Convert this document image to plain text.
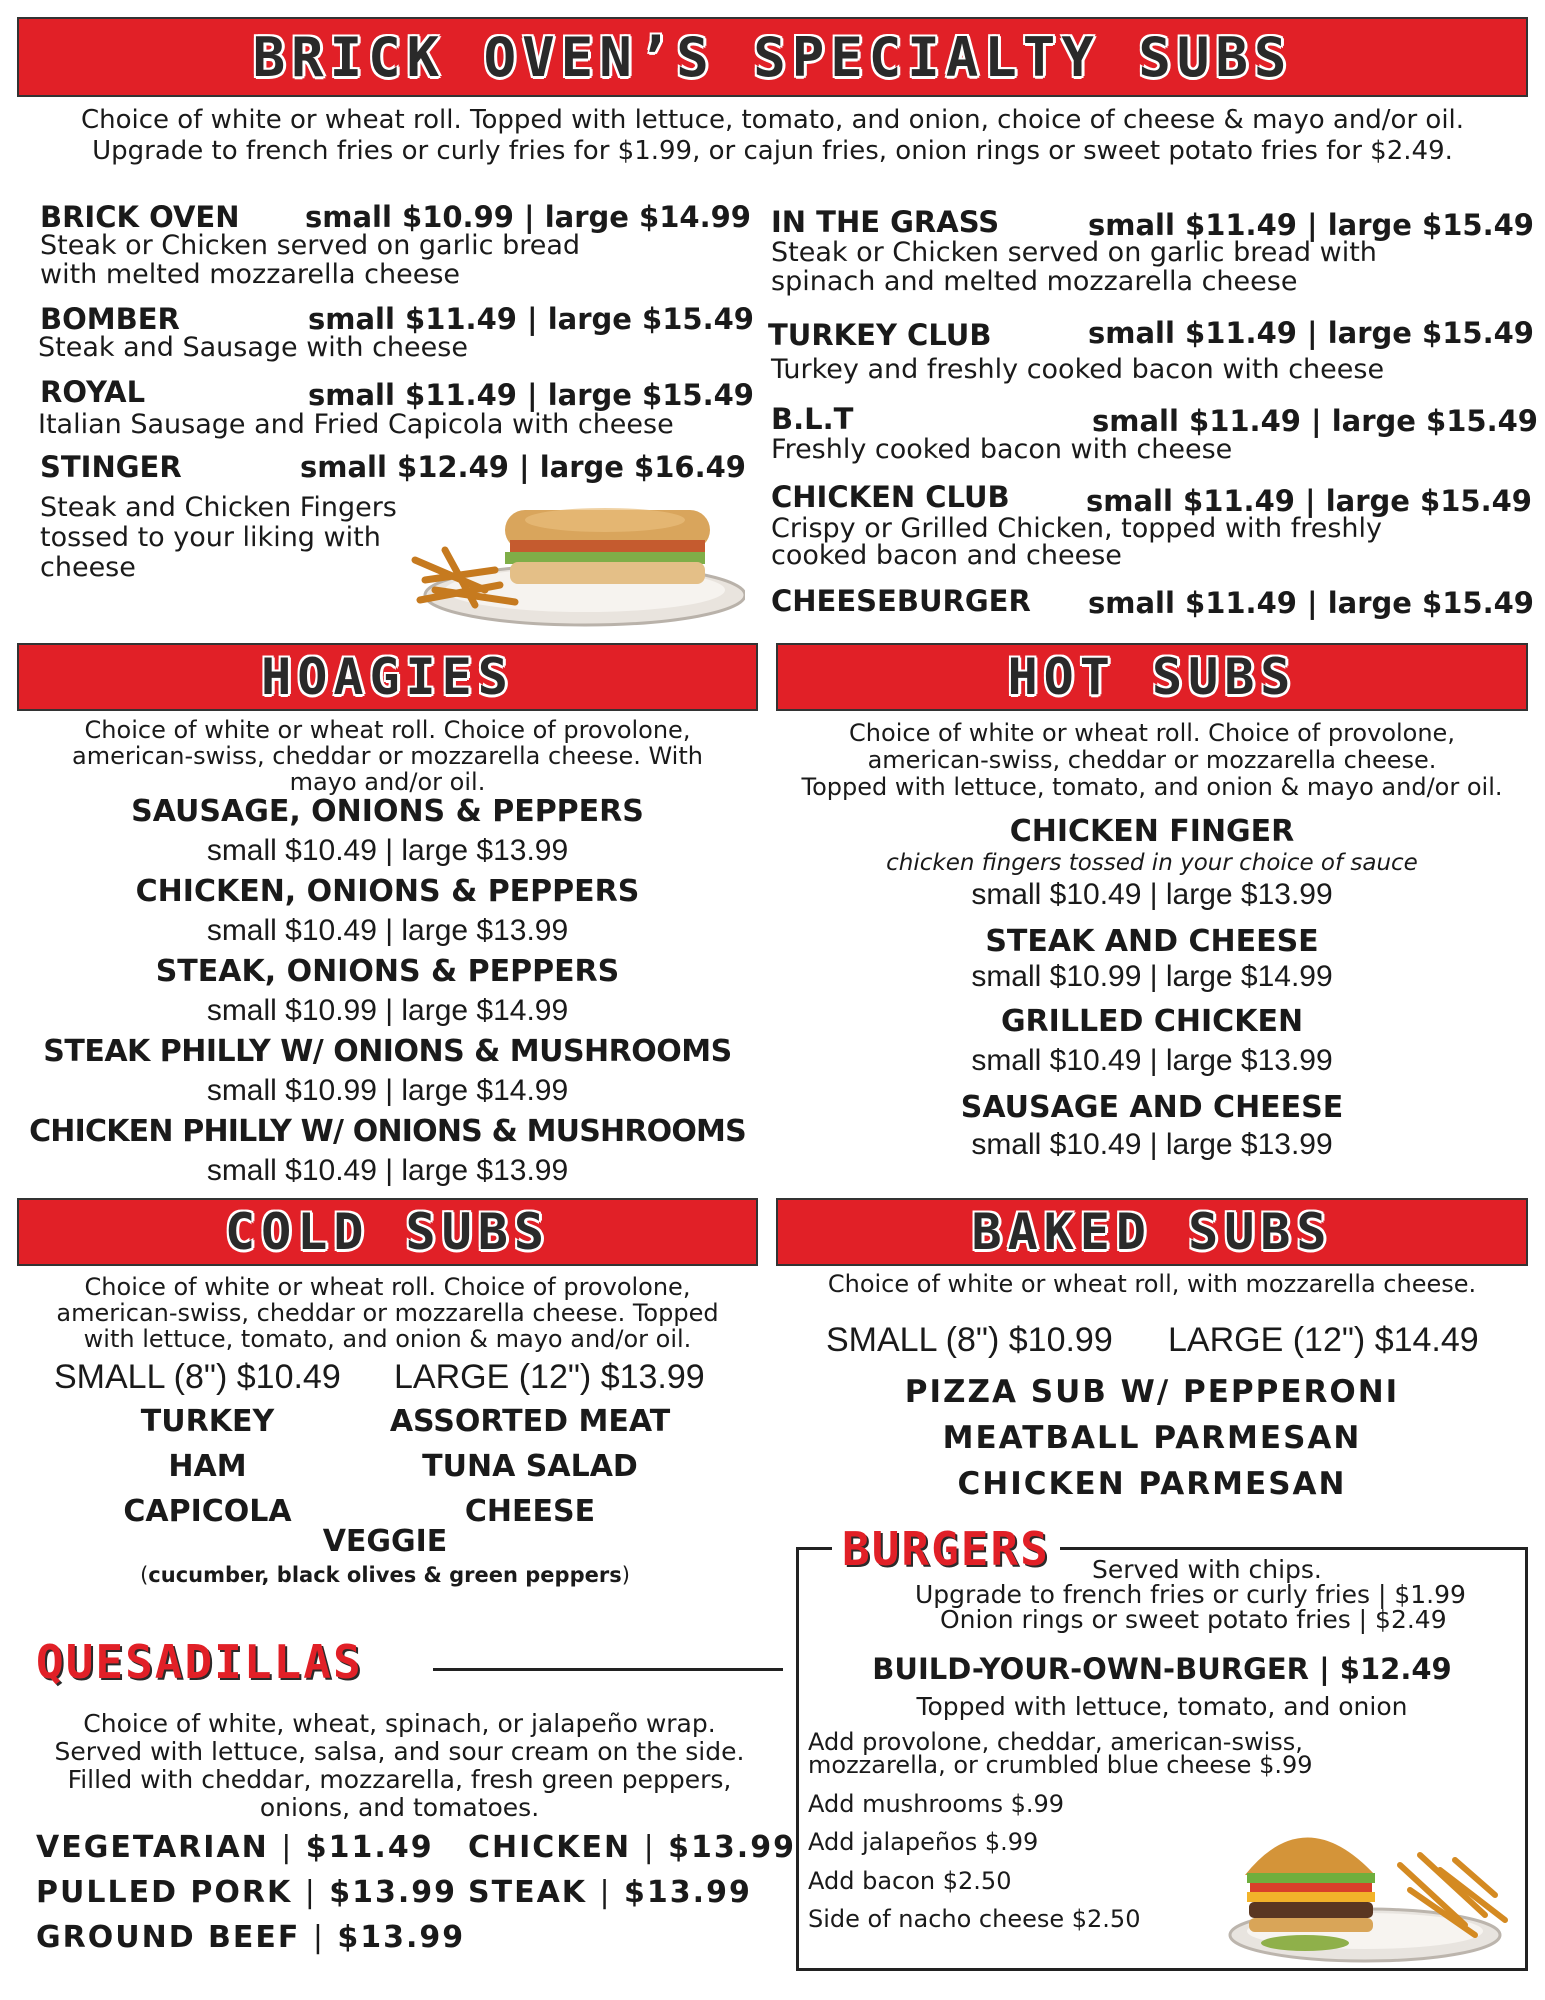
BRICK OVEN’S SPECIALTY SUBS
Choice of white or wheat roll. Topped with lettuce, tomato, and onion, choice of cheese & mayo and/or oil.
Upgrade to french fries or curly fries for $1.99, or cajun fries, onion rings or sweet potato fries for $2.49.
BRICK OVEN small $10.99 | large $14.99
Steak or Chicken served on garlic bread
with melted mozzarella cheese
BOMBER	small $11.49 | large $15.49
Steak and Sausage with cheese
ROYAL	small $11.49 | large $15.49
Italian Sausage and Fried Capicola with cheese
STINGER	small $12.49 | large $16.49
Steak and Chicken Fingers
tossed to your liking with
cheese
IN THE GRASS	small $11.49 | large $15.49
Steak or Chicken served on garlic bread with
spinach and melted mozzarella cheese
TURKEY CLUB	small $11.49 | large $15.49
Turkey and freshly cooked bacon with cheese
B.L.T	small $11.49 | large $15.49
Freshly cooked bacon with cheese
CHICKEN CLUB	small $11.49 | large $15.49
Crispy or Grilled Chicken, topped with freshly
cooked bacon and cheese
CHEESEBURGER small $11.49 | large $15.49
HOAGIES
Choice of white or wheat roll. Choice of provolone,
american-swiss, cheddar or mozzarella cheese. With
mayo and/or oil.
SAUSAGE, ONIONS & PEPPERS
small $10.49 | large $13.99
CHICKEN, ONIONS & PEPPERS
small $10.49 | large $13.99
STEAK, ONIONS & PEPPERS
small $10.99 | large $14.99
STEAK PHILLY W/ ONIONS & MUSHROOMS
small $10.99 | large $14.99
CHICKEN PHILLY W/ ONIONS & MUSHROOMS
small $10.49 | large $13.99
HOT SUBS
Choice of white or wheat roll. Choice of provolone,
american-swiss, cheddar or mozzarella cheese.
Topped with lettuce, tomato, and onion & mayo and/or oil.
CHICKEN FINGER
chicken fingers tossed in your choice of sauce
small $10.49 | large $13.99
STEAK AND CHEESE
small $10.99 | large $14.99
GRILLED CHICKEN
small $10.49 | large $13.99
SAUSAGE AND CHEESE
small $10.49 | large $13.99
COLD SUBS
Choice of white or wheat roll. Choice of provolone,
american-swiss, cheddar or mozzarella cheese. Topped
with lettuce, tomato, and onion & mayo and/or oil.
SMALL (8") $10.49 LARGE (12") $13.99
TURKEY	ASSORTED MEAT
HAM	TUNA SALAD
CAPICOLA	CHEESE
VEGGIE
(cucumber, black olives & green peppers)
BAKED SUBS
Choice of white or wheat roll, with mozzarella cheese.
SMALL (8") $10.99 LARGE (12") $14.49
PIZZA SUB W/ PEPPERONI
MEATBALL PARMESAN
CHICKEN PARMESAN
BURGERS	Served with chips.
Upgrade to french fries or curly fries | $1.99
Onion rings or sweet potato fries | $2.49
BUILD-YOUR-OWN-BURGER | $12.49
Topped with lettuce, tomato, and onion
Add provolone, cheddar, american-swiss,
mozzarella, or crumbled blue cheese $.99
Add mushrooms $.99
Add jalapeños $.99
Add bacon $2.50
Side of nacho cheese $2.50
QUESADILLAS
Choice of white, wheat, spinach, or jalapeño wrap.
Served with lettuce, salsa, and sour cream on the side.
Filled with cheddar, mozzarella, fresh green peppers,
onions, and tomatoes.
VEGETARIAN | $11.49 CHICKEN | $13.99
PULLED PORK | $13.99 STEAK | $13.99
GROUND BEEF | $13.99
